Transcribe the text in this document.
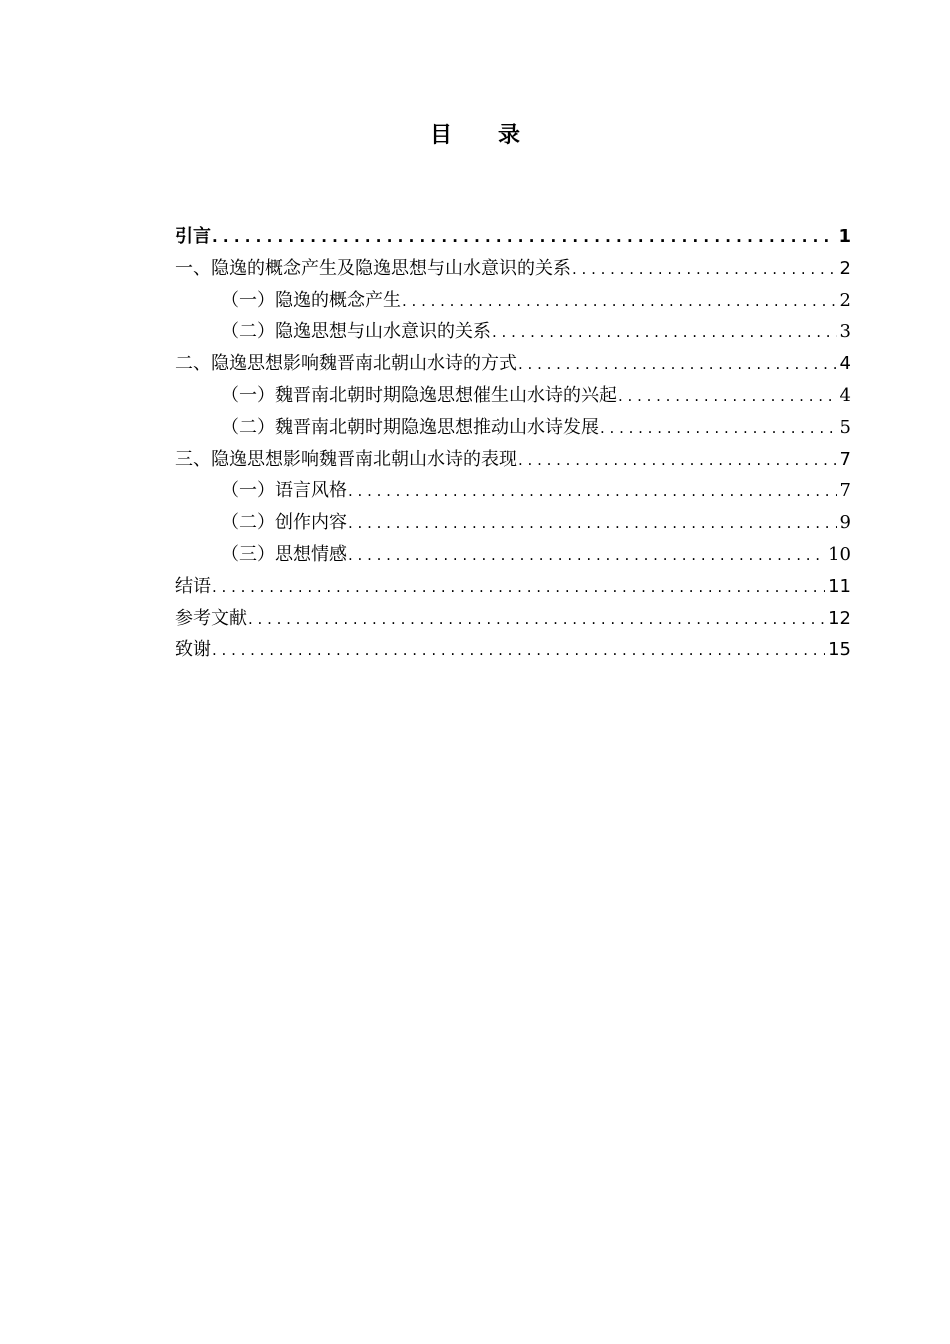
目 录
引言 . . .	1
一、隐逸的概念产生及隐逸思想与山水意识的关系 . . .	2
（一）隐逸的概念产生 . . .	2
（二）隐逸思想与山水意识的关系 . . .	3
二、隐逸思想影响魏晋南北朝山水诗的方式 . . .	4
（一）魏晋南北朝时期隐逸思想催生山水诗的兴起 . . .	4
（二）魏晋南北朝时期隐逸思想推动山水诗发展 . . .	5
三、隐逸思想影响魏晋南北朝山水诗的表现 . . .	7
（一）语言风格 . . .	7
（二）创作内容 . . .	9
（三）思想情感 . . .	10
结语 . . .	11
参考文献 . . .	12
致谢 . . .	15
